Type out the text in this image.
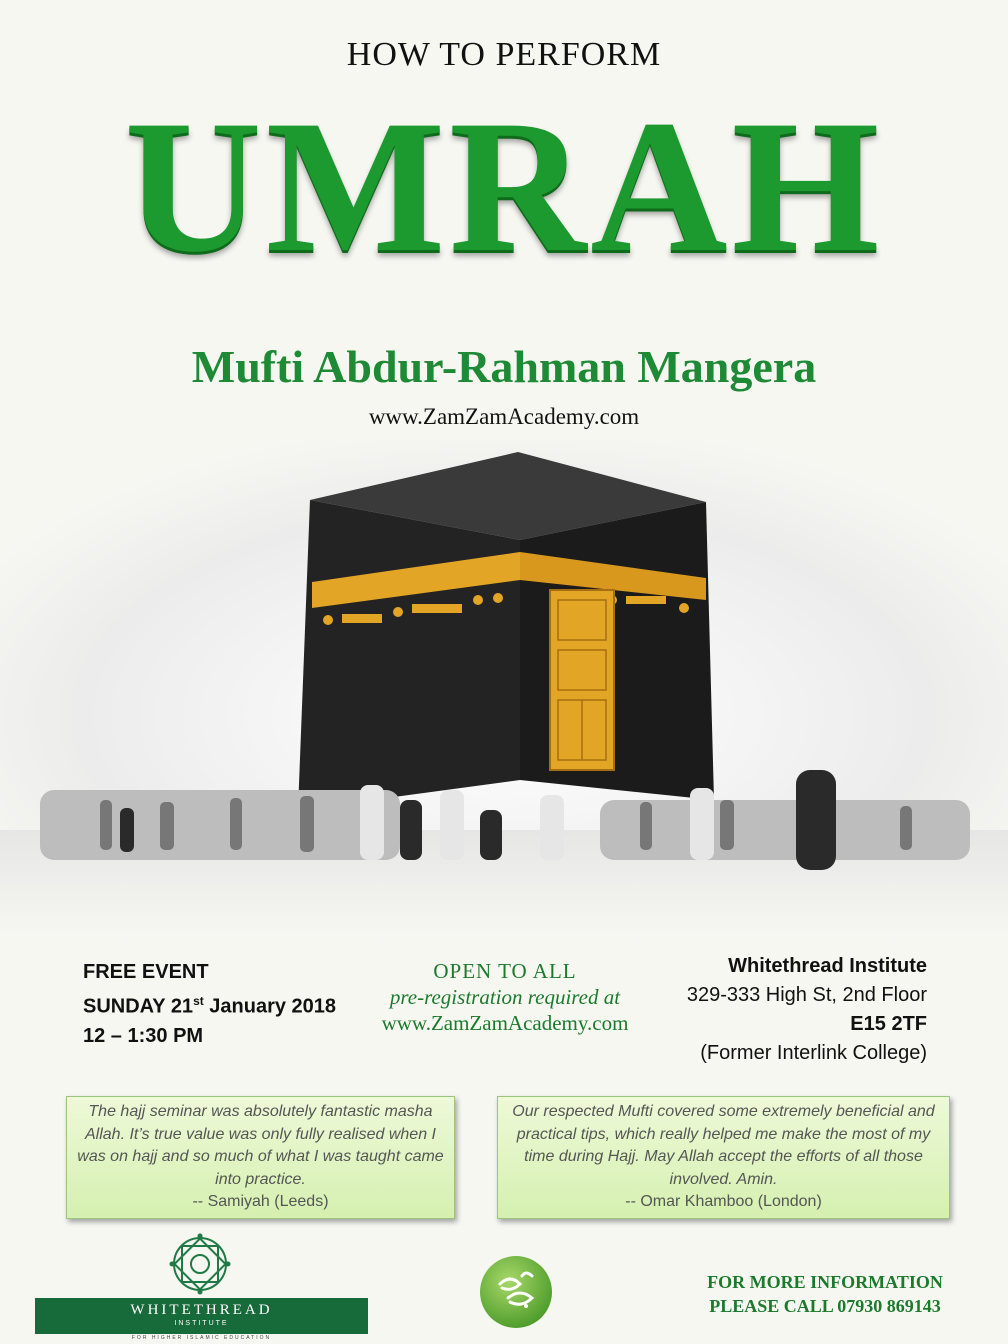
HOW TO PERFORM
UMRAH
Mufti Abdur-Rahman Mangera
www.ZamZamAcademy.com
FREE EVENT
SUNDAY 21st January 2018
12 – 1:30 PM
OPEN TO ALL
pre-registration required at
www.ZamZamAcademy.com
Whitethread Institute
329-333 High St, 2nd Floor
E15 2TF
(Former Interlink College)
The hajj seminar was absolutely fantastic masha Allah. It’s true value was only fully realised when I was on hajj and so much of what I was taught came into practice.
-- Samiyah (Leeds)
Our respected Mufti covered some extremely beneficial and practical tips, which really helped me make the most of my time during Hajj. May Allah accept the efforts of all those involved. Amin.
-- Omar Khamboo (London)
WHITETHREAD
INSTITUTE
FOR HIGHER ISLAMIC EDUCATION
FOR MORE INFORMATION
PLEASE CALL 07930 869143
